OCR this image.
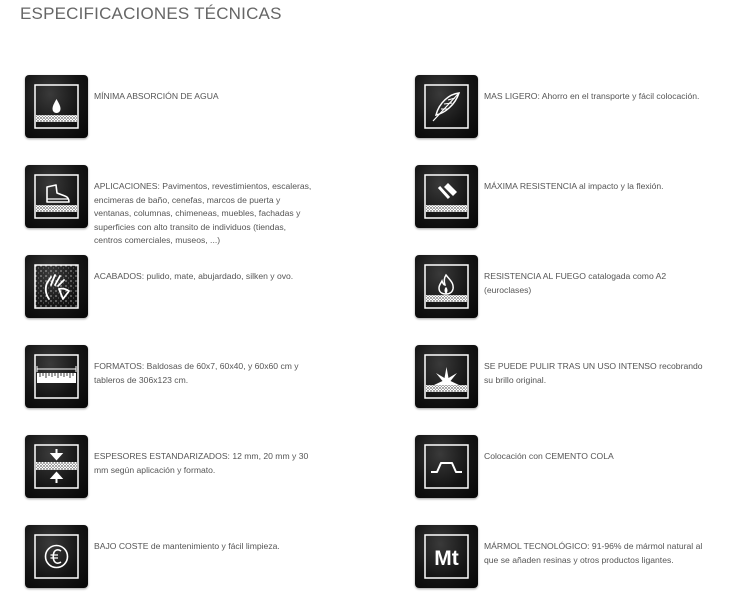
ESPECIFICACIONES TÉCNICAS
MÍNIMA ABSORCIÓN DE AGUA	MAS LIGERO: Ahorro en el transporte y fácil colocación.
APLICACIONES: Pavimentos, revestimientos, escaleras, encimeras de baño, cenefas, marcos de puerta y ventanas, columnas, chimeneas, muebles, fachadas y superficies con alto transito de individuos (tiendas, centros comerciales, museos, ...)
MÁXIMA RESISTENCIA al impacto y la flexión.
ACABADOS: pulido, mate, abujardado, silken y ovo.	RESISTENCIA AL FUEGO catalogada como A2 (euroclases)
FORMATOS: Baldosas de 60x7, 60x40, y 60x60 cm y tableros de 306x123 cm.
SE PUEDE PULIR TRAS UN USO INTENSO recobrando su brillo original.
ESPESORES ESTANDARIZADOS: 12 mm, 20 mm y 30 mm según aplicación y formato.
Colocación con CEMENTO COLA
BAJO COSTE de mantenimiento y fácil limpieza.
Mt
MÁRMOL TECNOLÓGICO: 91-96% de mármol natural al que se añaden resinas y otros productos ligantes.
